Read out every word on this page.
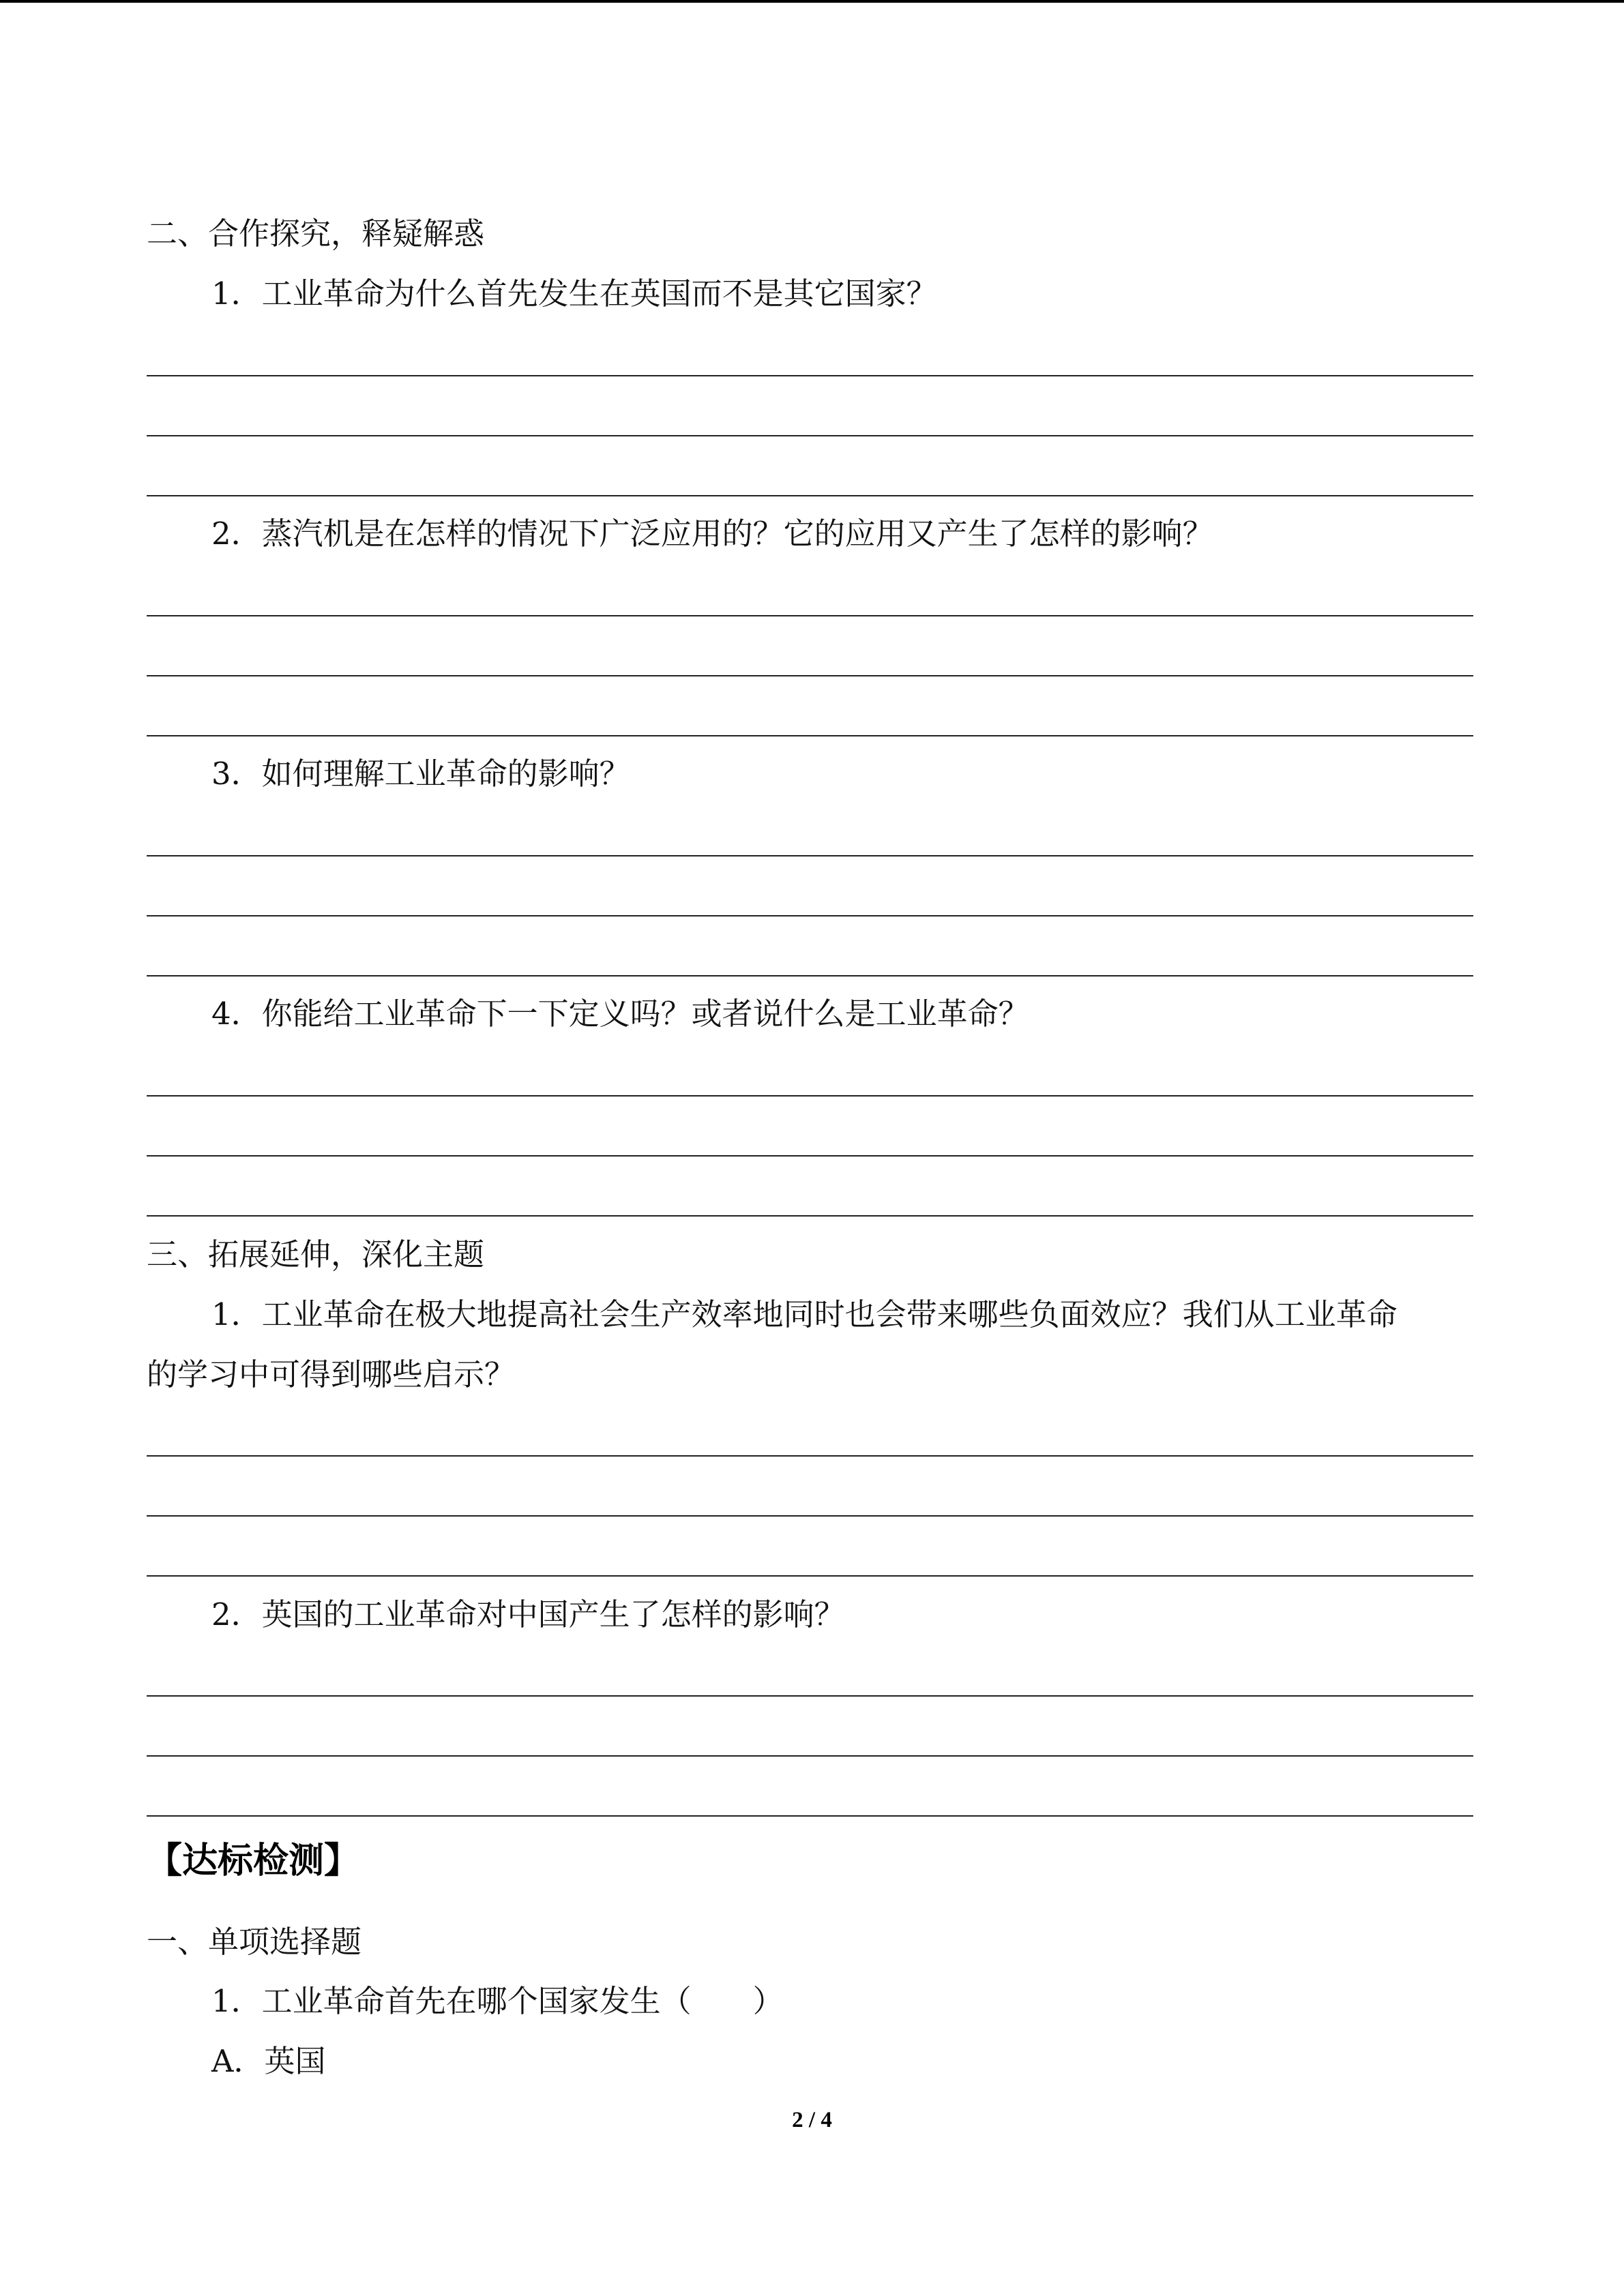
二、合作探究，释疑解惑

1．工业革命为什么首先发生在英国而不是其它国家？

2．蒸汽机是在怎样的情况下广泛应用的？它的应用又产生了怎样的影响？

3．如何理解工业革命的影响？

4．你能给工业革命下一下定义吗？或者说什么是工业革命？

三、拓展延伸，深化主题

1．工业革命在极大地提高社会生产效率地同时也会带来哪些负面效应？我们从工业革命

的学习中可得到哪些启示？

2．英国的工业革命对中国产生了怎样的影响？

【达标检测】

一、单项选择题

1．工业革命首先在哪个国家发生（　　）

A．英国

2 / 4
